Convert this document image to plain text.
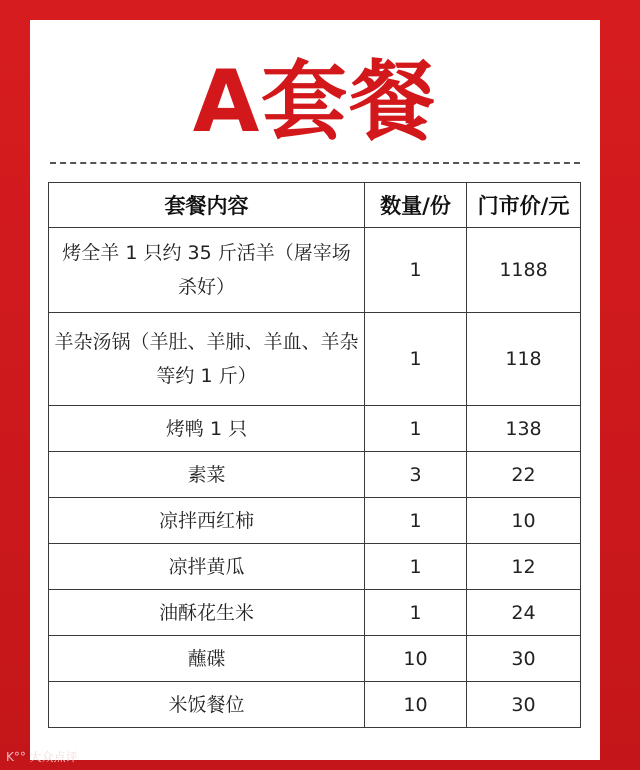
A套餐
套餐内容	数量/份	门市价/元
烤全羊 1 只约 35 斤活羊（屠宰场杀好）	1	1188
羊杂汤锅（羊肚、羊肺、羊血、羊杂等约 1 斤）	1	118
烤鸭 1 只	1	138
素菜	3	22
凉拌西红柿	1	10
凉拌黄瓜	1	12
油酥花生米	1	24
蘸碟	10	30
米饭餐位	10	30
K°° 大众点评
